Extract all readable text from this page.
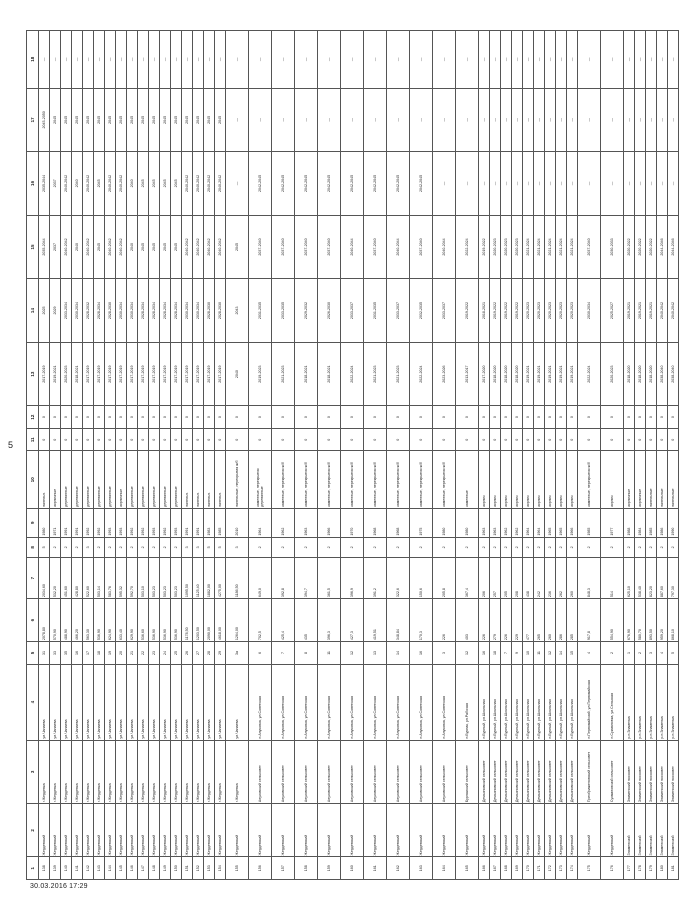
5
1	2	3	4	5	6	7	8	9	10	11	12	13	14	15	16	17	18
138	Жердевский	г.Жердевка	ул.Чапаева	31	2078,80	2034,60	5	1980	панельн.	0	0	2017-2019	2025	2035-2044	2035-2044	2045-2050	—
139	Жердевский	г.Жердевка	ул.Чапаева	33	570,90	532,20	2	1971	кирпичные	0	0	2019-2021	2029	2037	2037	2045	—
140	Жердевский	г.Жердевка	ул.Чапаева	35	488,90	451,60	2	1991	деревянные	0	0	2020-2023	2033-2034	2040-2042	2040-2042	2045	—
141	Жердевский	г.Жердевка	ул.Чапаева	16	466,20	428,80	2	1991	деревянные	0	0	2018-2021	2030-2034	2040	2040	2045	—
142	Жердевский	г.Жердевка	ул.Чапаева	17	563,30	522,60	3	1992	деревянные	0	0	2017-2019	2028-2032	2040-2042	2040-2042	2045	—
143	Жердевский	г.Жердевка	ул.Чапаева	18	536,90	503,14	2	1992	деревянные	0	0	2017-2019	2028-2034	2045	2045	2045	—
144	Жердевский	г.Жердевка	ул.Чапаева	19	624,90	583,76	2	1993	деревянные	0	0	2017-2019	2028-2030	2040-2042	2040-2042	2045	—
145	Жердевский	г.Жердевка	ул.Чапаева	20	633,40	595,32	2	1993	кирпичные	0	0	2017-2019	2030-2034	2040-2042	2040-2042	2045	—
146	Жердевский	г.Жердевка	ул.Чапаева	21	629,90	592,70	2	1992	деревянные	0	0	2017-2019	2030-2034	2040	2040	2045	—
147	Жердевский	г.Жердевка	ул.Чапаева	22	536,60	503,10	2	1992	деревянные	0	0	2017-2019	2028-2034	2045	2045	2045	—
148	Жердевский	г.Жердевка	ул.Чапаева	23	536,90	503,23	2	1993	деревянные	0	0	2017-2019	2028-2034	2045	2045	2045	—
149	Жердевский	г.Жердевка	ул.Чапаева	24	536,90	503,23	2	1992	деревянные	0	0	2017-2019	2028-2034	2045	2045	2045	—
150	Жердевский	г.Жердевка	ул.Чапаева	25	536,90	503,23	2	1993	деревянные	0	0	2017-2019	2028-2034	2045	2045	2045	—
151	Жердевский	г.Жердевка	ул.Чапаева	26	1178,50	1095,50	3	1991	панельн.	0	0	2017-2019	2030-2034	2040-2042	2040-2042	2045	—
152	Жердевский	г.Жердевка	ул.Чапаева	27	1203,50	1125,40	3	1991	панельн.	0	0	2017-2019	2030-2034	2040-2042	2040-2042	2045	—
153	Жердевский	г.Жердевка	ул.Чапаева	28	2090,00	1882,00	5	1983	панельн.	0	0	2017-2019	2028-2030	2040-2042	2040-2042	2045	—
154	Жердевский	г.Жердевка	ул.Чапаева	29	4618,00	4275,00	5	1985	панельн.	0	0	2017-2019	2028-2030	2040-2042	2040-2042	2045	—
155	Жердевский	г.Жердевка	ул.Чапаева	3а	1264,00	1186,50	3	2010	панельные, перекрытия ж/б	0	0	2040	2043	2045	—	—	—
156	Жердевский	Ануковский сельсовет	п.Ануковка, ул.Советская	6	702,5	649,0	2	1964	каменные, перекрытия деревянные	0	0	2019-2023	2031-2035	2037-2040	2042-2045	—	—
157	Жердевский	Ануковский сельсовет	п.Ануковка, ул.Советская	7	425,4	392,8	2	1962	каменные, перекрытия ж/б	0	0	2021-2023	2033-2035	2037-2040	2042-2045	—	—
158	Жердевский	Ануковский сельсовет	п.Ануковка, ул.Советская	8	435	394,7	2	1963	каменные, перекрытия ж/б	0	0	2018-2021	2029-2032	2037-2040	2042-2045	—	—
159	Жердевский	Ануковский сельсовет	п.Ануковка, ул.Советская	11	396,3	361,5	2	1966	каменные, перекрытия ж/б	0	0	2018-2021	2026-2030	2037-2040	2042-2045	—	—
160	Жердевский	Ануковский сельсовет	п.Ануковка, ул.Советская	12	427,3	396,9	2	1970	каменные, перекрытия ж/б	0	0	2022-2024	2033-2037	2040-2044	2042-2045	—	—
161	Жердевский	Ануковский сельсовет	п.Ануковка, ул.Советская	13	419,51	391,2	2	1968	каменные, перекрытия ж/б	0	0	2021-2023	2031-2035	2037-2040	2042-2045	—	—
162	Жердевский	Ануковский сельсовет	п.Ануковка, ул.Советская	14	348,84	322,6	2	1968	каменные, перекрытия ж/б	0	0	2021-2023	2033-2037	2040-2044	2042-2045	—	—
163	Жердевский	Ануковский сельсовет	п.Ануковка, ул.Советская	16	170,3	150,6	2	1975	каменные, перекрытия ж/б	0	0	2022-2024	2032-2035	2037-2040	2042-2045	—	—
164	Жердевский	Ануковский сельсовет	п.Ануковка, ул.Советская	3	226	205,8	2	1980	каменные, перекрытия ж/б	0	0	2023-2026	2033-2037	2040-2044	—	—	—
165	Жердевский	Бурнакский сельсовет	п.Бурнак, ул.Рабочая	12	403	367,4	2	1980	каменные	0	0	2013-2017	2019-2022	2022-2024	—	—	—
166	Жердевский	Демьяновский сельсовет	п.Бурный, ул.Школьная	16	226	206	2	1963	кирпич	0	0	2017-2020	2018-2021	2019-2022	—	—	—
167	Жердевский	Демьяновский сельсовет	п.Бурный, ул.Школьная	18	279	257	2	1963	кирпич	0	0	2018-2020	2019-2022	2020-2023	—	—	—
168	Жердевский	Демьяновский сельсовет	п.Бурный, ул.Школьная	7	226	205	2	1962	кирпич	0	0	2018-2020	2019-2022	2020-2023	—	—	—
169	Жердевский	Демьяновский сельсовет	п.Бурный, ул.Школьная	9	229	208	2	1962	кирпич	0	0	2018-2020	2019-2022	2020-2023	—	—	—
170	Жердевский	Демьяновский сельсовет	п.Бурный, ул.Школьная	10	477	438	2	1964	кирпич	0	0	2019-2021	2020-2023	2021-2024	—	—	—
171	Жердевский	Демьяновский сельсовет	п.Бурный, ул.Школьная	11	265	242	2	1964	кирпич	0	0	2019-2021	2020-2023	2021-2024	—	—	—
172	Жердевский	Демьяновский сельсовет	п.Бурный, ул.Школьная	12	260	236	2	1965	кирпич	0	0	2019-2021	2020-2023	2021-2024	—	—	—
173	Жердевский	Демьяновский сельсовет	п.Бурный, ул.Школьная	14	286	262	2	1965	кирпич	0	0	2019-2021	2020-2023	2021-2024	—	—	—
174	Жердевский	Демьяновский сельсовет	п.Бурный, ул.Школьная	15	285	260	2	1966	кирпич	0	0	2019-2021	2020-2023	2021-2024	—	—	—
175	Жердевский	Преображеновский сельсовет	п.Первомайский, ул.Первомайская	4	917,8	848,3	2	1985	каменные, перекрытия ж/б	0	0	2022-2024	2030-2034	2037-2040	—	—	—
176	Жердевский	Сукмановский сельсовет	п.Сукмановка, ул.Сельская	2	554,90	514	2	1977	кирпич	0	0	2020-2023	2025-2027	2030-2033	—	—	—
177	Знаменский	Знаменский поссовет	р.п.Знаменка	1	676,90	625,10	2	1988	кирпичные	0	0	2018-2020	2019-2021	2020-2022	—	—	—
178	Знаменский	Знаменский поссовет	р.п.Знаменка	2	580,70	538,40	2	1984	кирпичные	0	0	2018-2020	2019-2021	2020-2022	—	—	—
179	Знаменский	Знаменский поссовет	р.п.Знаменка	3	893,50	823,20	2	1985	панельные	0	0	2018-2020	2019-2021	2020-2022	—	—	—
180	Знаменский	Знаменский поссовет	р.п.Знаменка	4	959,20	887,60	2	1986	панельные	0	0	2038-2040	2040-2042	2044-2046	—	—	—
181	Знаменский	Знаменский поссовет	р.п.Знаменка	5	868,10	797,30	2	1990	панельные	0	0	2038-2040	2040-2042	2044-2046	—	—	—
30.03.2016 17:29
